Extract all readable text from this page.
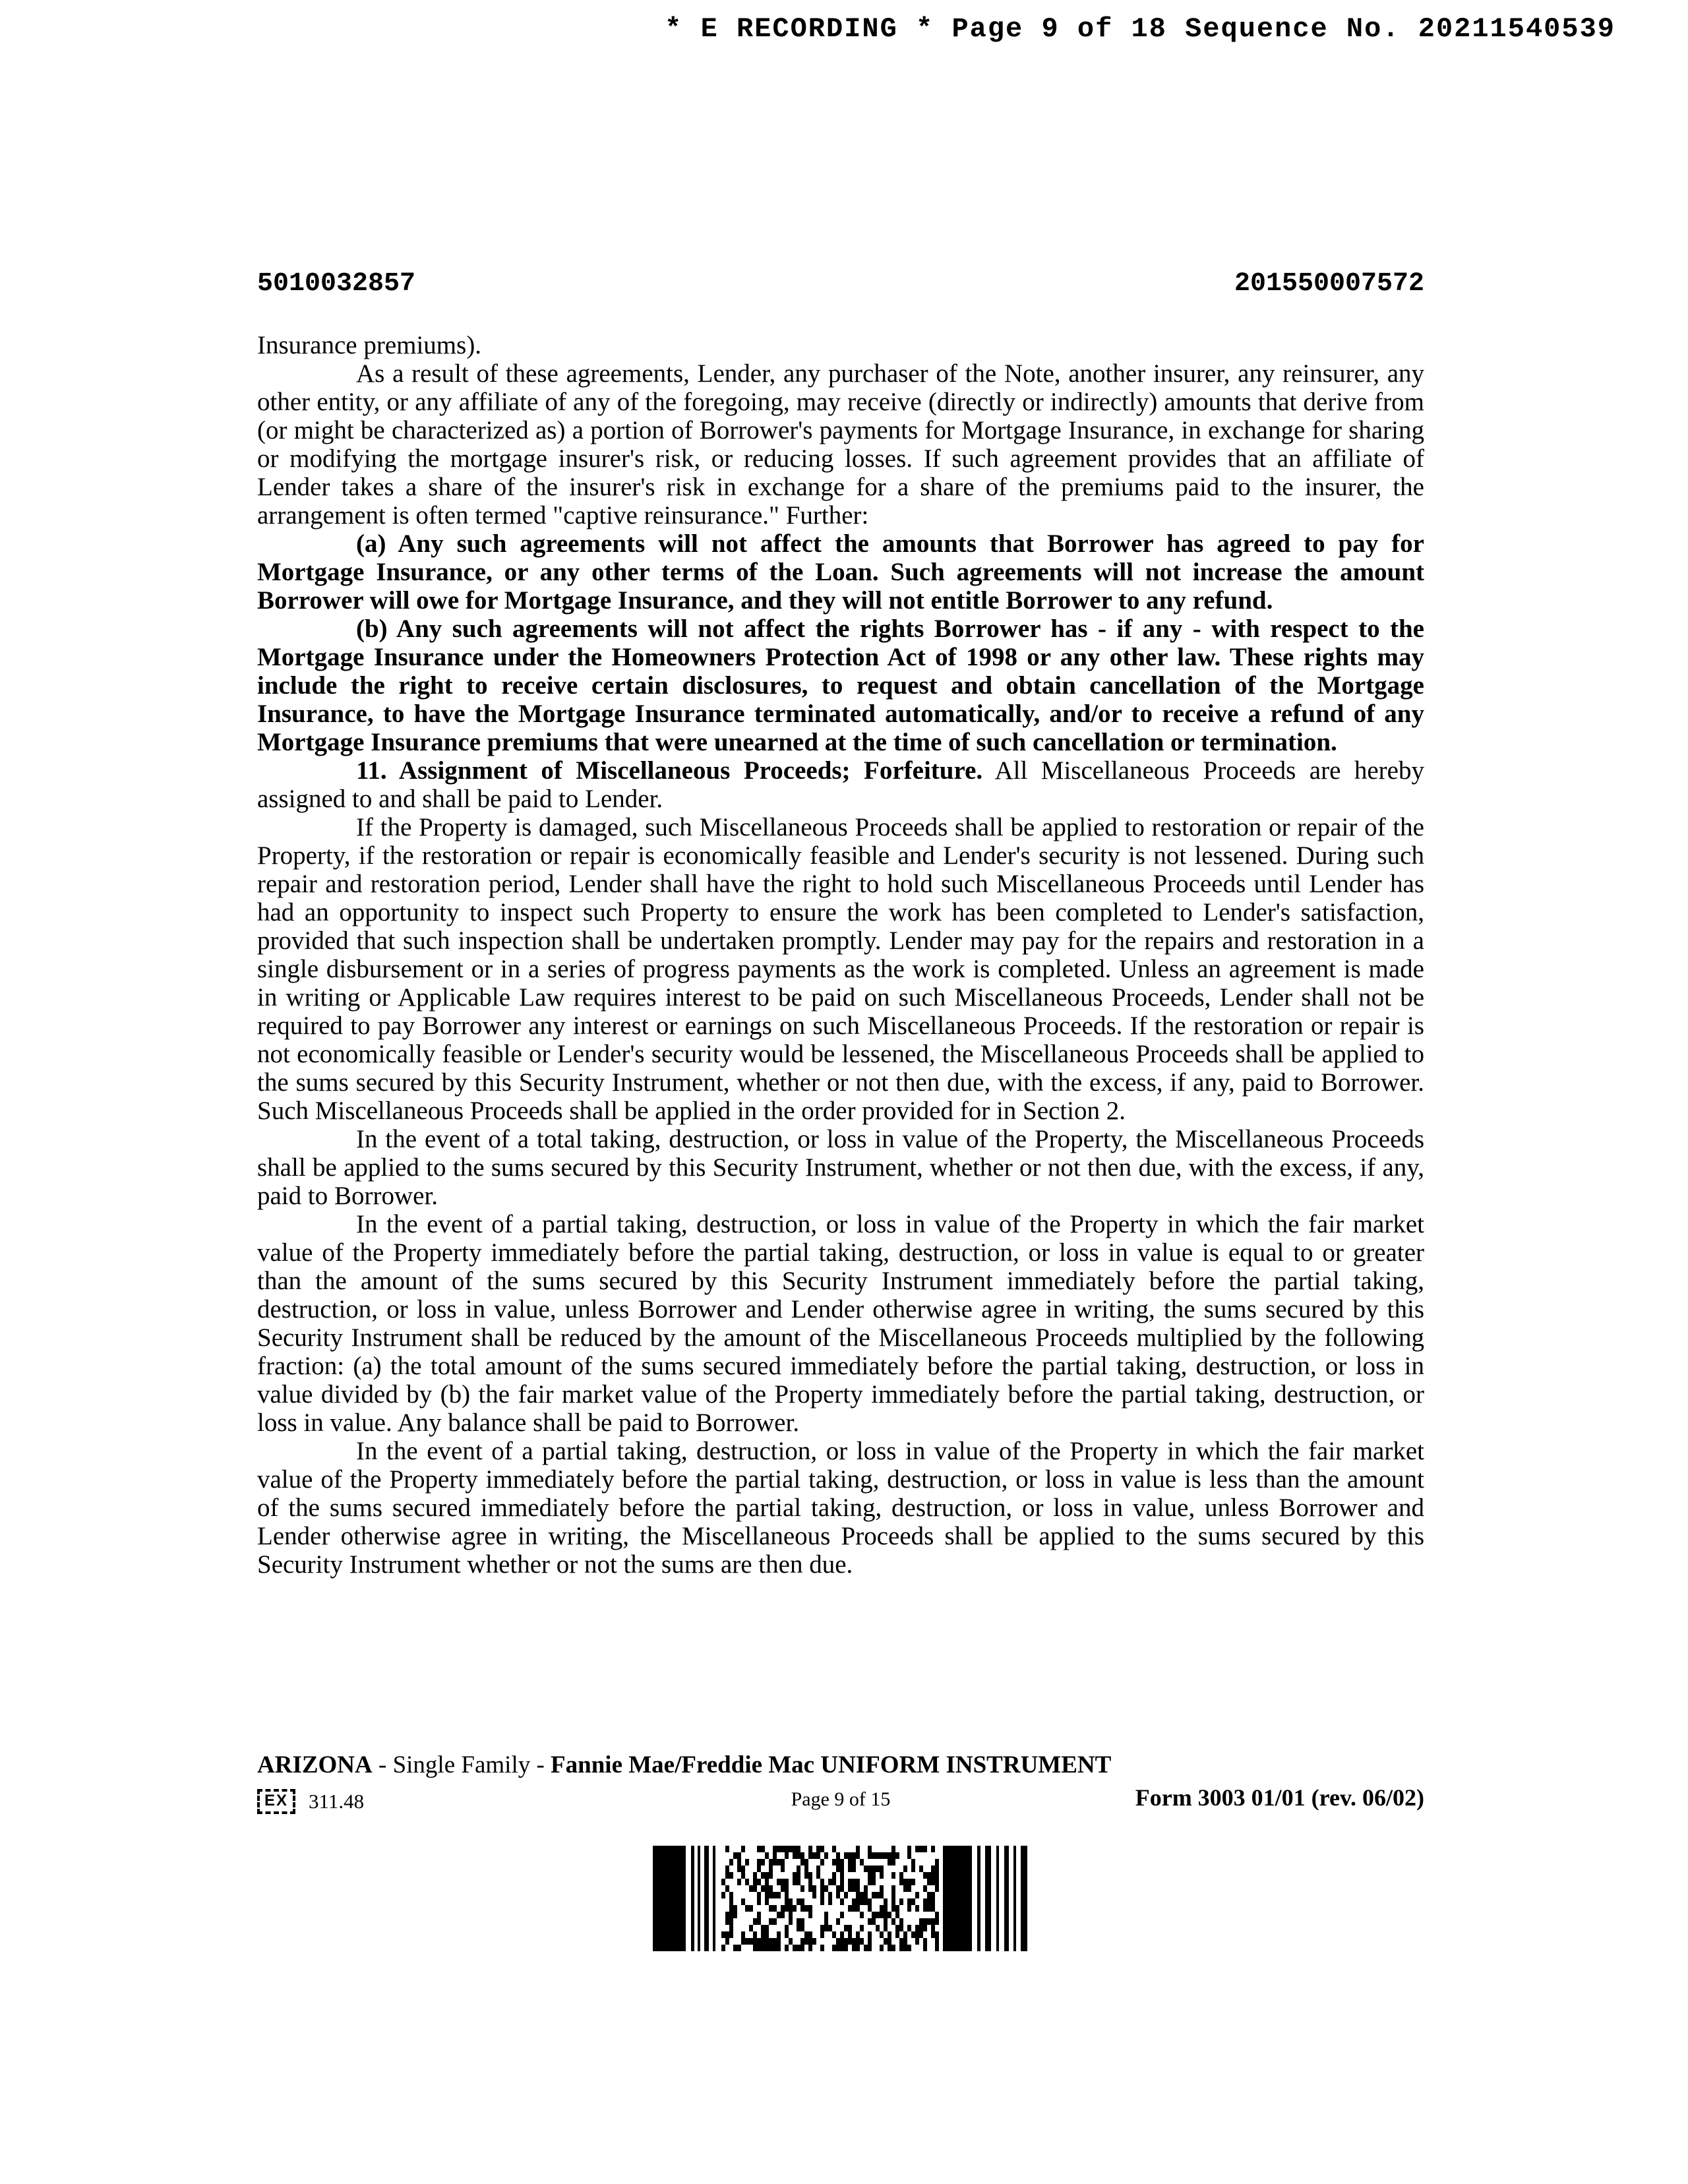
* E RECORDING * Page 9 of 18 Sequence No. 20211540539
5010032857	201550007572

Insurance premiums).

As a result of these agreements, Lender, any purchaser of the Note, another insurer, any reinsurer, any other entity, or any affiliate of any of the foregoing, may receive (directly or indirectly) amounts that derive from (or might be characterized as) a portion of Borrower's payments for Mortgage Insurance, in exchange for sharing or modifying the mortgage insurer's risk, or reducing losses. If such agreement provides that an affiliate of Lender takes a share of the insurer's risk in exchange for a share of the premiums paid to the insurer, the arrangement is often termed "captive reinsurance." Further:

(a) Any such agreements will not affect the amounts that Borrower has agreed to pay for Mortgage Insurance, or any other terms of the Loan. Such agreements will not increase the amount Borrower will owe for Mortgage Insurance, and they will not entitle Borrower to any refund.

(b) Any such agreements will not affect the rights Borrower has - if any - with respect to the Mortgage Insurance under the Homeowners Protection Act of 1998 or any other law. These rights may include the right to receive certain disclosures, to request and obtain cancellation of the Mortgage Insurance, to have the Mortgage Insurance terminated automatically, and/or to receive a refund of any Mortgage Insurance premiums that were unearned at the time of such cancellation or termination.

11. Assignment of Miscellaneous Proceeds; Forfeiture. All Miscellaneous Proceeds are hereby assigned to and shall be paid to Lender.

If the Property is damaged, such Miscellaneous Proceeds shall be applied to restoration or repair of the Property, if the restoration or repair is economically feasible and Lender's security is not lessened. During such repair and restoration period, Lender shall have the right to hold such Miscellaneous Proceeds until Lender has had an opportunity to inspect such Property to ensure the work has been completed to Lender's satisfaction, provided that such inspection shall be undertaken promptly. Lender may pay for the repairs and restoration in a single disbursement or in a series of progress payments as the work is completed. Unless an agreement is made in writing or Applicable Law requires interest to be paid on such Miscellaneous Proceeds, Lender shall not be required to pay Borrower any interest or earnings on such Miscellaneous Proceeds. If the restoration or repair is not economically feasible or Lender's security would be lessened, the Miscellaneous Proceeds shall be applied to the sums secured by this Security Instrument, whether or not then due, with the excess, if any, paid to Borrower. Such Miscellaneous Proceeds shall be applied in the order provided for in Section 2.

In the event of a total taking, destruction, or loss in value of the Property, the Miscellaneous Proceeds shall be applied to the sums secured by this Security Instrument, whether or not then due, with the excess, if any, paid to Borrower.

In the event of a partial taking, destruction, or loss in value of the Property in which the fair market value of the Property immediately before the partial taking, destruction, or loss in value is equal to or greater than the amount of the sums secured by this Security Instrument immediately before the partial taking, destruction, or loss in value, unless Borrower and Lender otherwise agree in writing, the sums secured by this Security Instrument shall be reduced by the amount of the Miscellaneous Proceeds multiplied by the following fraction: (a) the total amount of the sums secured immediately before the partial taking, destruction, or loss in value divided by (b) the fair market value of the Property immediately before the partial taking, destruction, or loss in value. Any balance shall be paid to Borrower.

In the event of a partial taking, destruction, or loss in value of the Property in which the fair market value of the Property immediately before the partial taking, destruction, or loss in value is less than the amount of the sums secured immediately before the partial taking, destruction, or loss in value, unless Borrower and Lender otherwise agree in writing, the Miscellaneous Proceeds shall be applied to the sums secured by this Security Instrument whether or not the sums are then due.

ARIZONA - Single Family - Fannie Mae/Freddie Mac UNIFORM INSTRUMENT
EX	311.48	Page 9 of 15	Form 3003 01/01 (rev. 06/02)
